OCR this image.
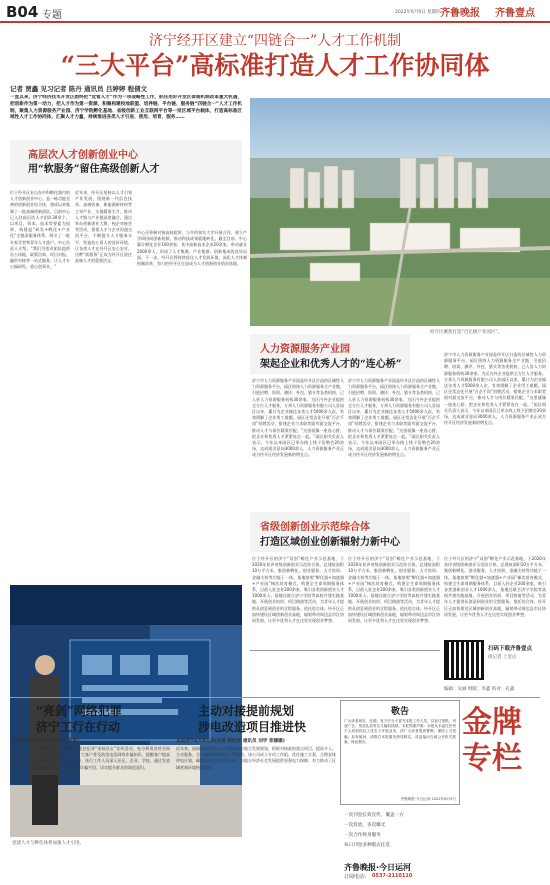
B04 专题	2022年6月9日 星期四 齐鲁晚报 齐鲁壹点
济宁经开区建立“四链合一”人才工作机制
“三大平台”高标准打造人才工作协同体
记者 贾鑫 见习记者 陈丹 通讯员 吕婷婷 程倩文
一直以来，济宁经济技术开发区始终把“党管人才”作为一项战略性工作，抓住用好开发区体制机制改革重大机遇，把创新作为第一动力，把人才作为第一资源，积聚构建校地联盟、培养链、平台链、服务链“四链合一”人才工作机制，聚集人力资源服务产业园、济宁学院孵化基地、省级创新工业互联网平台等一批区域平台载体，打造高标准区域性人才工作协同体，汇聚人才力量，持续推进各类人才引进、使用、培育、服务……
高层次人才创新创业中心
用“软服务”留住高级创新人才
位于经开区宏山东中科孵化器内的人才创新创业中心，是一栋功能完善的创新创业综合体，建成以来集聚了一批高端创新团队。目前中心已入驻高层次人才团队30余个，以项目、资本、技术等要素为纽带，构建起“研发+孵化+产业化”全链条服务体系，吸引了一批专家学者和青年人才落户。中心负责人介绍，“我们为创业团队提供办公场地、政策咨询、项目申报、融资对接等一站式服务，让人才专心搞研发、放心创事业。”
近年来，经开区坚持以人才引领产业发展，围绕新一代信息技术、高端装备、新能源新材料等主导产业，实施精准引才，推动人才链与产业链深度融合。通过举办创新创业大赛、校企对接会等活动，搭建人才与企业沟通交流平台，不断提升人才服务水平，营造拴心留人的良好环境，让各类人才在经开区安心安业。这种“软服务”正成为经开区留住高端人才的重要法宝。
中心还积极对接高校院所，与多所知名大学开展合作，建立产学研协同创新机制，推动科技成果就地转化。截至目前，中心累计孵化企业100余家，其中高新技术企业20余家，带动就业2000余人，形成了人才集聚、产业集群、创新集成的良好局面。下一步，经开区将持续优化人才发展环境，深化人才体制机制改革，努力把经开区打造成为人才创新创业的首选地。
经开区聚焦打造“百亿级产业园区”。
人力资源服务产业园
架起企业和优秀人才的“连心桥”
济宁市人力资源服务产业园是经开区打造的区域性人力资源服务平台，园区围绕人力资源服务全产业链，引进招聘、培训、测评、外包、猎头等各类机构，已入驻人力资源服务机构30余家，为区内外企业提供全方位人才服务。万邦人力资源服务有限公司入驻园区以来，累计为企业输送各类人才5000余人次，有效缓解了企业用工难题。园区还常态化开展“百企千岗”招聘活动，搭建企业与求职者面对面交流平台，推动人才与岗位精准匹配。“这里就像一座连心桥，把企业和优秀人才紧紧连在一起。”园区相关负责人表示，今年以来园区已举办线上线下招聘会20余场，达成就业意向3000余人，人力资源服务产业正成为经开区经济发展新的增长点。
济宁市人力资源服务产业园是经开区打造的区域性人力资源服务平台，园区围绕人力资源服务全产业链，引进招聘、培训、测评、外包、猎头等各类机构，已入驻人力资源服务机构30余家，为区内外企业提供全方位人才服务。万邦人力资源服务有限公司入驻园区以来，累计为企业输送各类人才5000余人次，有效缓解了企业用工难题。园区还常态化开展“百企千岗”招聘活动，搭建企业与求职者面对面交流平台，推动人才与岗位精准匹配。“这里就像一座连心桥，把企业和优秀人才紧紧连在一起。”园区相关负责人表示，今年以来园区已举办线上线下招聘会20余场，达成就业意向3000余人，人力资源服务产业正成为经开区经济发展新的增长点。
济宁市人力资源服务产业园是经开区打造的区域性人力资源服务平台，园区围绕人力资源服务全产业链，引进招聘、培训、测评、外包、猎头等各类机构，已入驻人力资源服务机构30余家，为区内外企业提供全方位人才服务。万邦人力资源服务有限公司入驻园区以来，累计为企业输送各类人才5000余人次，有效缓解了企业用工难题。园区还常态化开展“百企千岗”招聘活动，搭建企业与求职者面对面交流平台，推动人才与岗位精准匹配。“这里就像一座连心桥，把企业和优秀人才紧紧连在一起。”园区相关负责人表示，今年以来园区已举办线上线下招聘会20余场，达成就业意向3000余人，人力资源服务产业正成为经开区经济发展新的增长点。
省级创新创业示范综合体
打造区域创业创新辐射力新中心
位于经开区的济宁“双创”孵化产业示范基地，于2020年获评省级创新创业示范综合体，总建筑面积10万平方米，集创新孵化、创业服务、人才培训、金融支持等功能于一体。基地按照“孵化器+加速器+产业园”梯次培育模式，构建全生命周期服务体系，目前入驻企业200余家，吸引各类创新创业人才1000余人。基地还联合济宁学院等高校共建实践基地，开展创业培训、项目路演等活动，为青年人才提供从创意到创业的全程服务。依托综合体，经开区正加快建设区域创新创业高地，辐射带动周边县市区协同发展，让更多优秀人才在这里实现创业梦想。
位于经开区的济宁“双创”孵化产业示范基地，于2020年获评省级创新创业示范综合体，总建筑面积10万平方米，集创新孵化、创业服务、人才培训、金融支持等功能于一体。基地按照“孵化器+加速器+产业园”梯次培育模式，构建全生命周期服务体系，目前入驻企业200余家，吸引各类创新创业人才1000余人。基地还联合济宁学院等高校共建实践基地，开展创业培训、项目路演等活动，为青年人才提供从创意到创业的全程服务。依托综合体，经开区正加快建设区域创新创业高地，辐射带动周边县市区协同发展，让更多优秀人才在这里实现创业梦想。
位于经开区的济宁“双创”孵化产业示范基地，于2020年获评省级创新创业示范综合体，总建筑面积10万平方米，集创新孵化、创业服务、人才培训、金融支持等功能于一体。基地按照“孵化器+加速器+产业园”梯次培育模式，构建全生命周期服务体系，目前入驻企业200余家，吸引各类创新创业人才1000余人。基地还联合济宁学院等高校共建实践基地，开展创业培训、项目路演等活动，为青年人才提供从创意到创业的全程服务。依托综合体，经开区正加快建设区域创新创业高地，辐射带动周边县市区协同发展，让更多优秀人才在这里实现创业梦想。
扫码下载齐鲁壹点
找记者 上壹点
编辑：吴丽 组版：李鑫 校对：孔露
党建人才与孵化体系加强人才引进。
“亮剑”网络犯罪
济宁工行在行动
本报济宁6月8日讯(通讯员 王创)
工行济宁分行开展防范电信网络新型违法犯罪“金秋送宝”宣传活动，充分利用各营业网点、自助机具、网上银行等渠道，向广大客户普及防范电信网络诈骗知识，提醒客户提高警惕，守护好自己的“钱袋子”。活动中，该行工作人员深入社区、企业、学校，通过发放宣传折页、现场讲解等形式，揭露常见诈骗手段，切实提升群众的防范意识。
主动对接提前规划
涉电改造项目推进快
本报济宁6月8日讯(记者 郭纪轩 通讯员 刘学 郑娜娜)
近年来，国网兖州区供电公司紧密结合地方发展规划，积极对接政府重点项目，提前介入、主动服务，全力做好涉电改造工程建设。该公司成立专项工作组，优化施工方案，合理安排停电计划，确保改造项目按期完成，为地方经济社会发展提供坚强电力保障，有力推动了区域营商环境持续优化。
敬告
广大读者朋友：近期，有不法分子冒充本报工作人员，以征订报纸、刊登广告、发放礼品等名义骗取钱财。本报郑重声明：本报从未委托任何个人或机构以上述名义开展业务，请广大读者提高警惕，谨防上当受骗。如有疑问，请拨打本报服务热线核实，或直接向当地公安机关报案。特此敬告。
齐鲁晚报·今日运河 2022年6月9日
一次刊登长效宣传，覆盖一方
一次投放，多次曝光
一次合作终身服务
每日刊登多种版式任选
齐鲁晚报·今日运河
订阅电话： 0537-2110110
金牌专栏
